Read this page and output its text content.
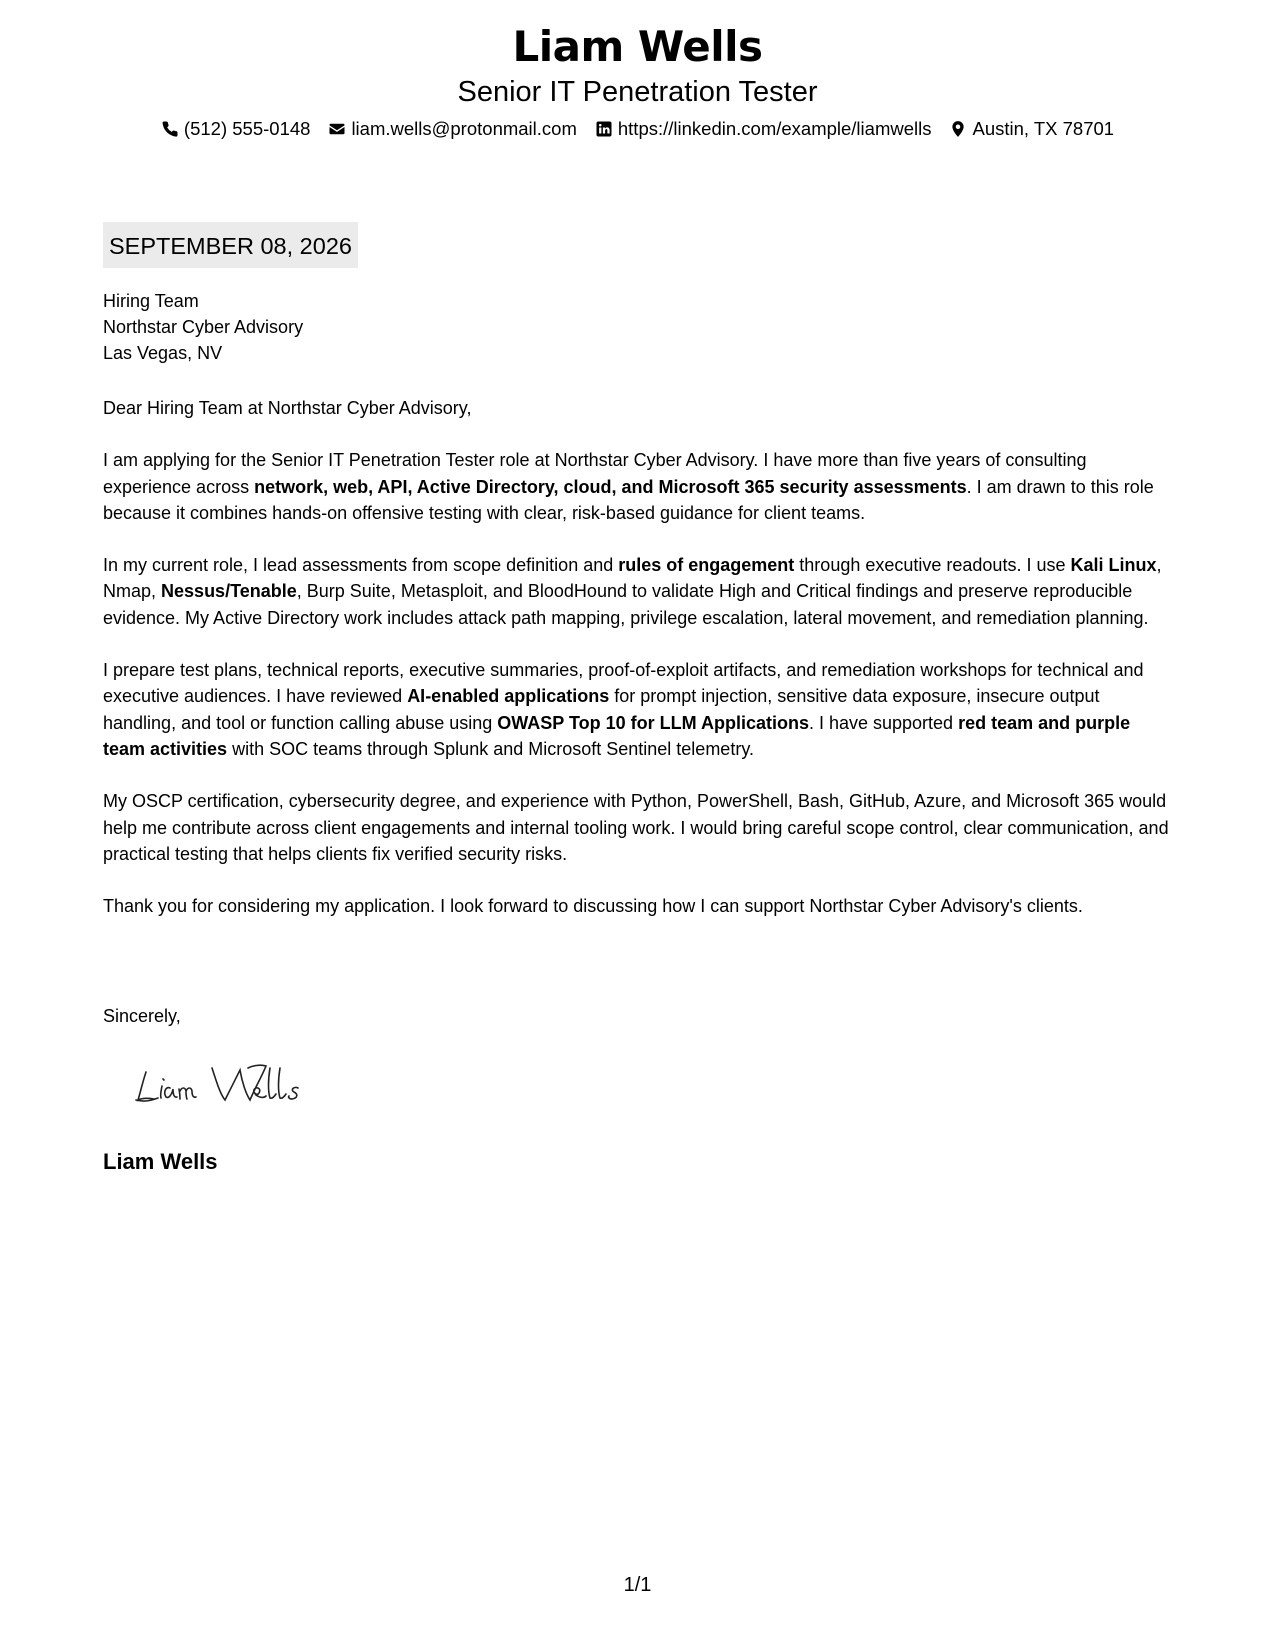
Liam Wells
Senior IT Penetration Tester
(512) 555-0148 liam.wells@protonmail.com https://linkedin.com/example/liamwells Austin, TX 78701
SEPTEMBER 08, 2026
Hiring Team
Northstar Cyber Advisory
Las Vegas, NV

Dear Hiring Team at Northstar Cyber Advisory,

I am applying for the Senior IT Penetration Tester role at Northstar Cyber Advisory. I have more than five years of consulting experience across network, web, API, Active Directory, cloud, and Microsoft 365 security assessments. I am drawn to this role because it combines hands-on offensive testing with clear, risk-based guidance for client teams.

In my current role, I lead assessments from scope definition and rules of engagement through executive readouts. I use Kali Linux, Nmap, Nessus/Tenable, Burp Suite, Metasploit, and BloodHound to validate High and Critical findings and preserve reproducible evidence. My Active Directory work includes attack path mapping, privilege escalation, lateral movement, and remediation planning.

I prepare test plans, technical reports, executive summaries, proof-of-exploit artifacts, and remediation workshops for technical and executive audiences. I have reviewed AI-enabled applications for prompt injection, sensitive data exposure, insecure output handling, and tool or function calling abuse using OWASP Top 10 for LLM Applications. I have supported red team and purple team activities with SOC teams through Splunk and Microsoft Sentinel telemetry.

My OSCP certification, cybersecurity degree, and experience with Python, PowerShell, Bash, GitHub, Azure, and Microsoft 365 would help me contribute across client engagements and internal tooling work. I would bring careful scope control, clear communication, and practical testing that helps clients fix verified security risks.

Thank you for considering my application. I look forward to discussing how I can support Northstar Cyber Advisory's clients.

Sincerely,
Liam Wells
1/1
